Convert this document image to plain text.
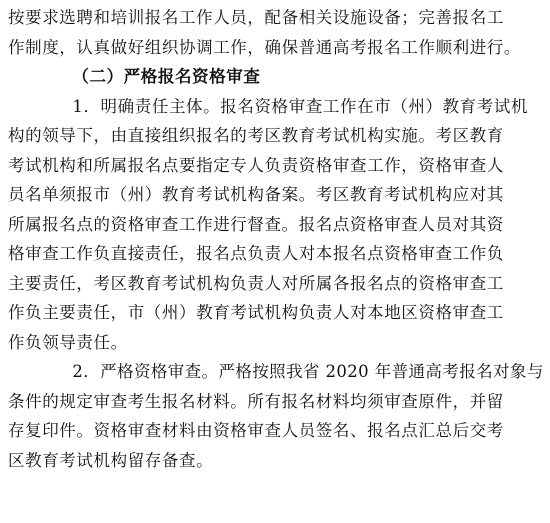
按要求选聘和培训报名工作人员，配备相关设施设备；完善报名工
作制度，认真做好组织协调工作，确保普通高考报名工作顺利进行。
（二）严格报名资格审查
1．明确责任主体。报名资格审查工作在市（州）教育考试机
构的领导下，由直接组织报名的考区教育考试机构实施。考区教育
考试机构和所属报名点要指定专人负责资格审查工作，资格审查人
员名单须报市（州）教育考试机构备案。考区教育考试机构应对其
所属报名点的资格审查工作进行督查。报名点资格审查人员对其资
格审查工作负直接责任，报名点负责人对本报名点资格审查工作负
主要责任，考区教育考试机构负责人对所属各报名点的资格审查工
作负主要责任，市（州）教育考试机构负责人对本地区资格审查工
作负领导责任。
2．严格资格审查。严格按照我省 2020 年普通高考报名对象与
条件的规定审查考生报名材料。所有报名材料均须审查原件，并留
存复印件。资格审查材料由资格审查人员签名、报名点汇总后交考
区教育考试机构留存备查。
